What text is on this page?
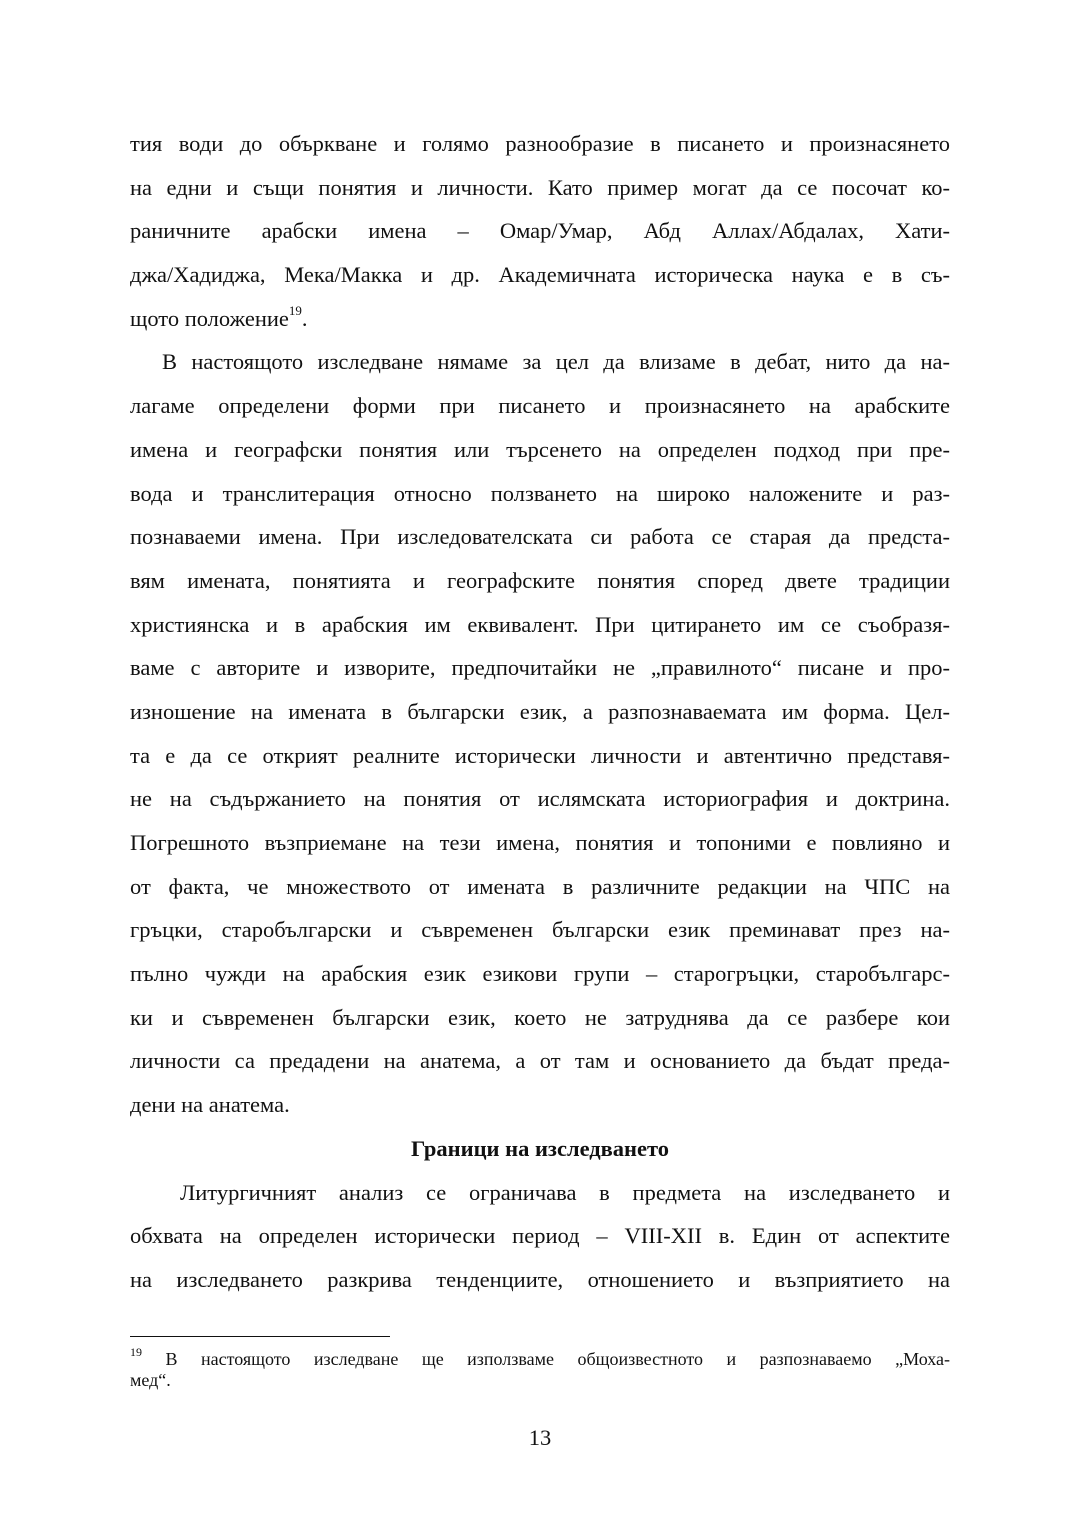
тия води до объркване и голямо разнообразие в писането и произнасянето
на едни и същи понятия и личности. Като пример могат да се посочат ко-
раничните арабски имена – Омар/Умар, Абд Аллах/Абдалах, Хати-
джа/Хадиджа, Мека/Макка и др. Академичната историческа наука е в съ-
щото положение$^{19}$.
В настоящото изследване нямаме за цел да влизаме в дебат, нито да на-
лагаме определени форми при писането и произнасянето на арабските
имена и географски понятия или търсенето на определен подход при пре-
вода и транслитерация относно ползването на широко наложените и раз-
познаваеми имена. При изследователската си работа се старая да предста-
вям имената, понятията и географските понятия според двете традиции
християнска и в арабския им еквивалент. При цитирането им се съобразя-
ваме с авторите и изворите, предпочитайки не „правилното“ писане и про-
изношение на имената в български език, а разпознаваемата им форма. Цел-
та е да се открият реалните исторически личности и автентично представя-
не на съдържанието на понятия от ислямската историография и доктрина.
Погрешното възприемане на тези имена, понятия и топоними е повлияно и
от факта, че множеството от имената в различните редакции на ЧПС на
гръцки, старобългарски и съвременен български език преминават през на-
пълно чужди на арабския език езикови групи – старогръцки, старобългарс-
ки и съвременен български език, което не затруднява да се разбере кои
личности са предадени на анатема, а от там и основанието да бъдат преда-
дени на анатема.
Граници на изследването
Литургичният анализ се ограничава в предмета на изследването и
обхвата на определен исторически период – VIII-XII в. Един от аспектите
на изследването разкрива тенденциите, отношението и възприятието на
$^{19}$ В настоящото изследване ще използваме общоизвестното и разпознаваемо „Моха-
мед“.
13
